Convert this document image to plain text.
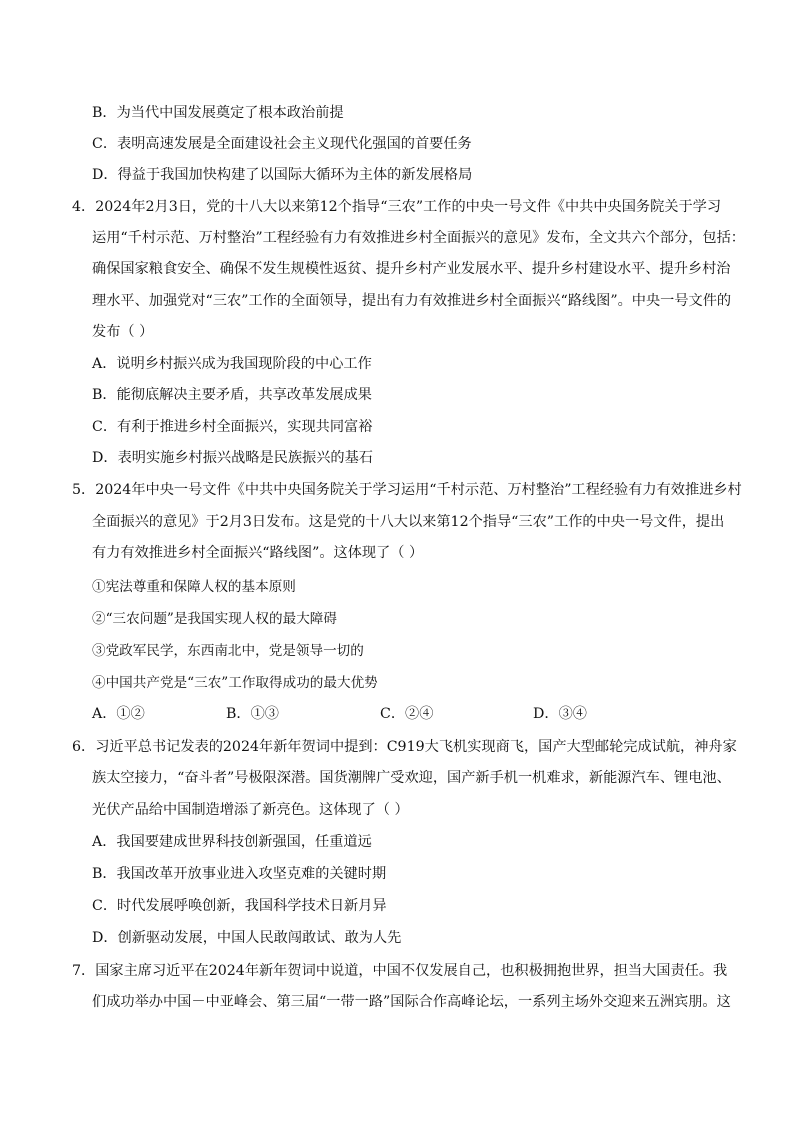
B．为当代中国发展奠定了根本政治前提
C．表明高速发展是全面建设社会主义现代化强国的首要任务
D．得益于我国加快构建了以国际大循环为主体的新发展格局
4．2024年2月3日，党的十八大以来第12个指导“三农”工作的中央一号文件《中共中央国务院关于学习
运用“千村示范、万村整治”工程经验有力有效推进乡村全面振兴的意见》发布，全文共六个部分，包括：
确保国家粮食安全、确保不发生规模性返贫、提升乡村产业发展水平、提升乡村建设水平、提升乡村治
理水平、加强党对“三农”工作的全面领导，提出有力有效推进乡村全面振兴“路线图”。中央一号文件的
发布（ ）
A．说明乡村振兴成为我国现阶段的中心工作
B．能彻底解决主要矛盾，共享改革发展成果
C．有利于推进乡村全面振兴，实现共同富裕
D．表明实施乡村振兴战略是民族振兴的基石
5．2024年中央一号文件《中共中央国务院关于学习运用“千村示范、万村整治”工程经验有力有效推进乡村
全面振兴的意见》于2月3日发布。这是党的十八大以来第12个指导“三农”工作的中央一号文件，提出
有力有效推进乡村全面振兴“路线图”。这体现了（ ）
①宪法尊重和保障人权的基本原则
②“三农问题”是我国实现人权的最大障碍
③党政军民学，东西南北中，党是领导一切的
④中国共产党是“三农”工作取得成功的最大优势
A．①②	B．①③	C．②④	D．③④
6．习近平总书记发表的2024年新年贺词中提到：C919大飞机实现商飞，国产大型邮轮完成试航，神舟家
族太空接力，“奋斗者”号极限深潜。国货潮牌广受欢迎，国产新手机一机难求，新能源汽车、锂电池、
光伏产品给中国制造增添了新亮色。这体现了（ ）
A．我国要建成世界科技创新强国，任重道远
B．我国改革开放事业进入攻坚克难的关键时期
C．时代发展呼唤创新，我国科学技术日新月异
D．创新驱动发展，中国人民敢闯敢试、敢为人先
7．国家主席习近平在2024年新年贺词中说道，中国不仅发展自己，也积极拥抱世界，担当大国责任。我
们成功举办中国－中亚峰会、第三届“一带一路”国际合作高峰论坛，一系列主场外交迎来五洲宾朋。这
